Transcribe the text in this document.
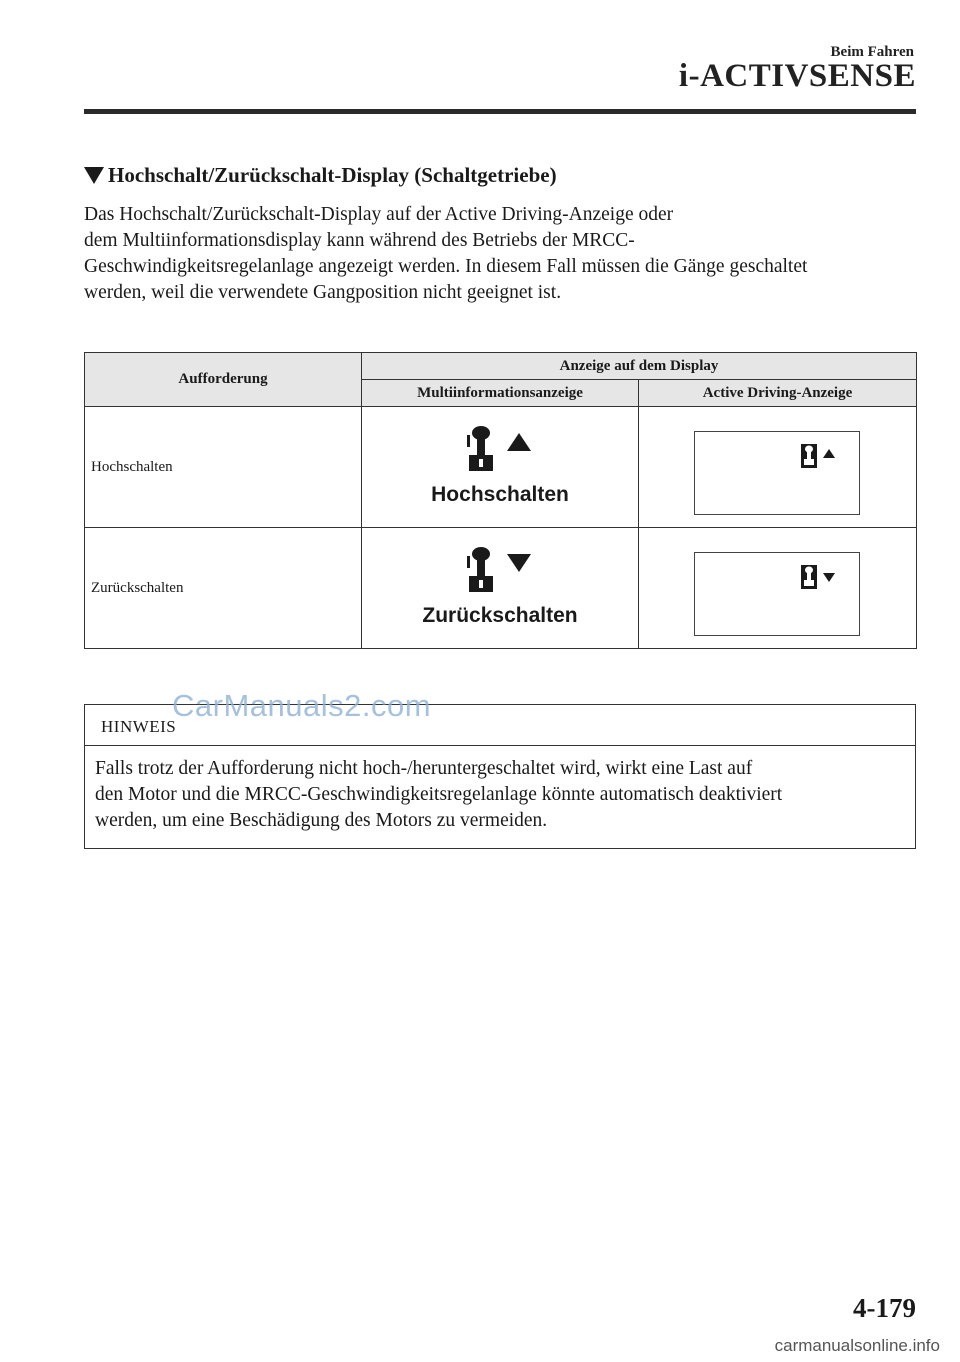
Beim Fahren
i-ACTIVSENSE
Hochschalt/Zurückschalt-Display (Schaltgetriebe)
Das Hochschalt/Zurückschalt-Display auf der Active Driving-Anzeige oder
dem Multiinformationsdisplay kann während des Betriebs der MRCC-
Geschwindigkeitsregelanlage angezeigt werden. In diesem Fall müssen die Gänge geschaltet
werden, weil die verwendete Gangposition nicht geeignet ist.
Aufforderung	Anzeige auf dem Display	
	Multiinformationsanzeige	Active Driving-Anzeige
Hochschalten	Hochschalten

Zurückschalten	Zurückschalten

HINWEIS
Falls trotz der Aufforderung nicht hoch-/heruntergeschaltet wird, wirkt eine Last auf
den Motor und die MRCC-Geschwindigkeitsregelanlage könnte automatisch deaktiviert
werden, um eine Beschädigung des Motors zu vermeiden.
CarManuals2.com
4-179
carmanualsonline.info
